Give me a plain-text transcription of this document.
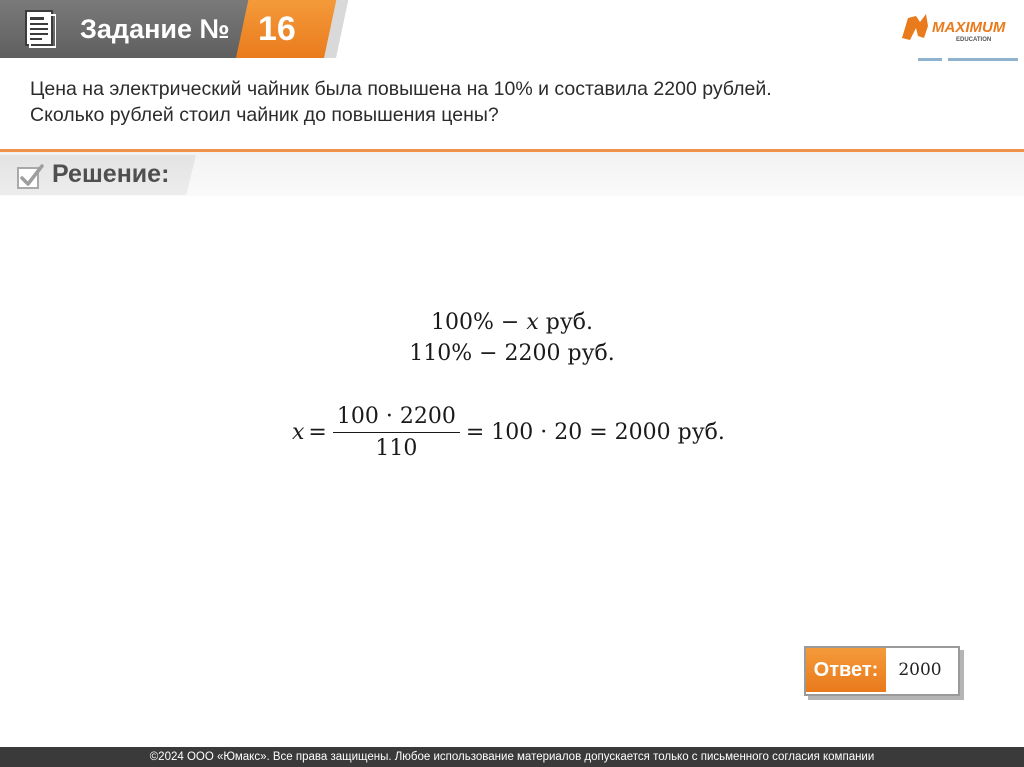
Задание № 16	MAXIMUM
EDUCATION
Цена на электрический чайник была повышена на 10% и составила 2200 рублей.
Сколько рублей стоил чайник до повышения цены?
Решение:
100% − x руб.
110% − 2200 руб.
$x = \frac{100 \cdot 2200}{110} = 100 \cdot 20 = 2000$ руб.
Ответ:	2000
©2024 ООО «Юмакс». Все права защищены. Любое использование материалов допускается только с письменного согласия компании
